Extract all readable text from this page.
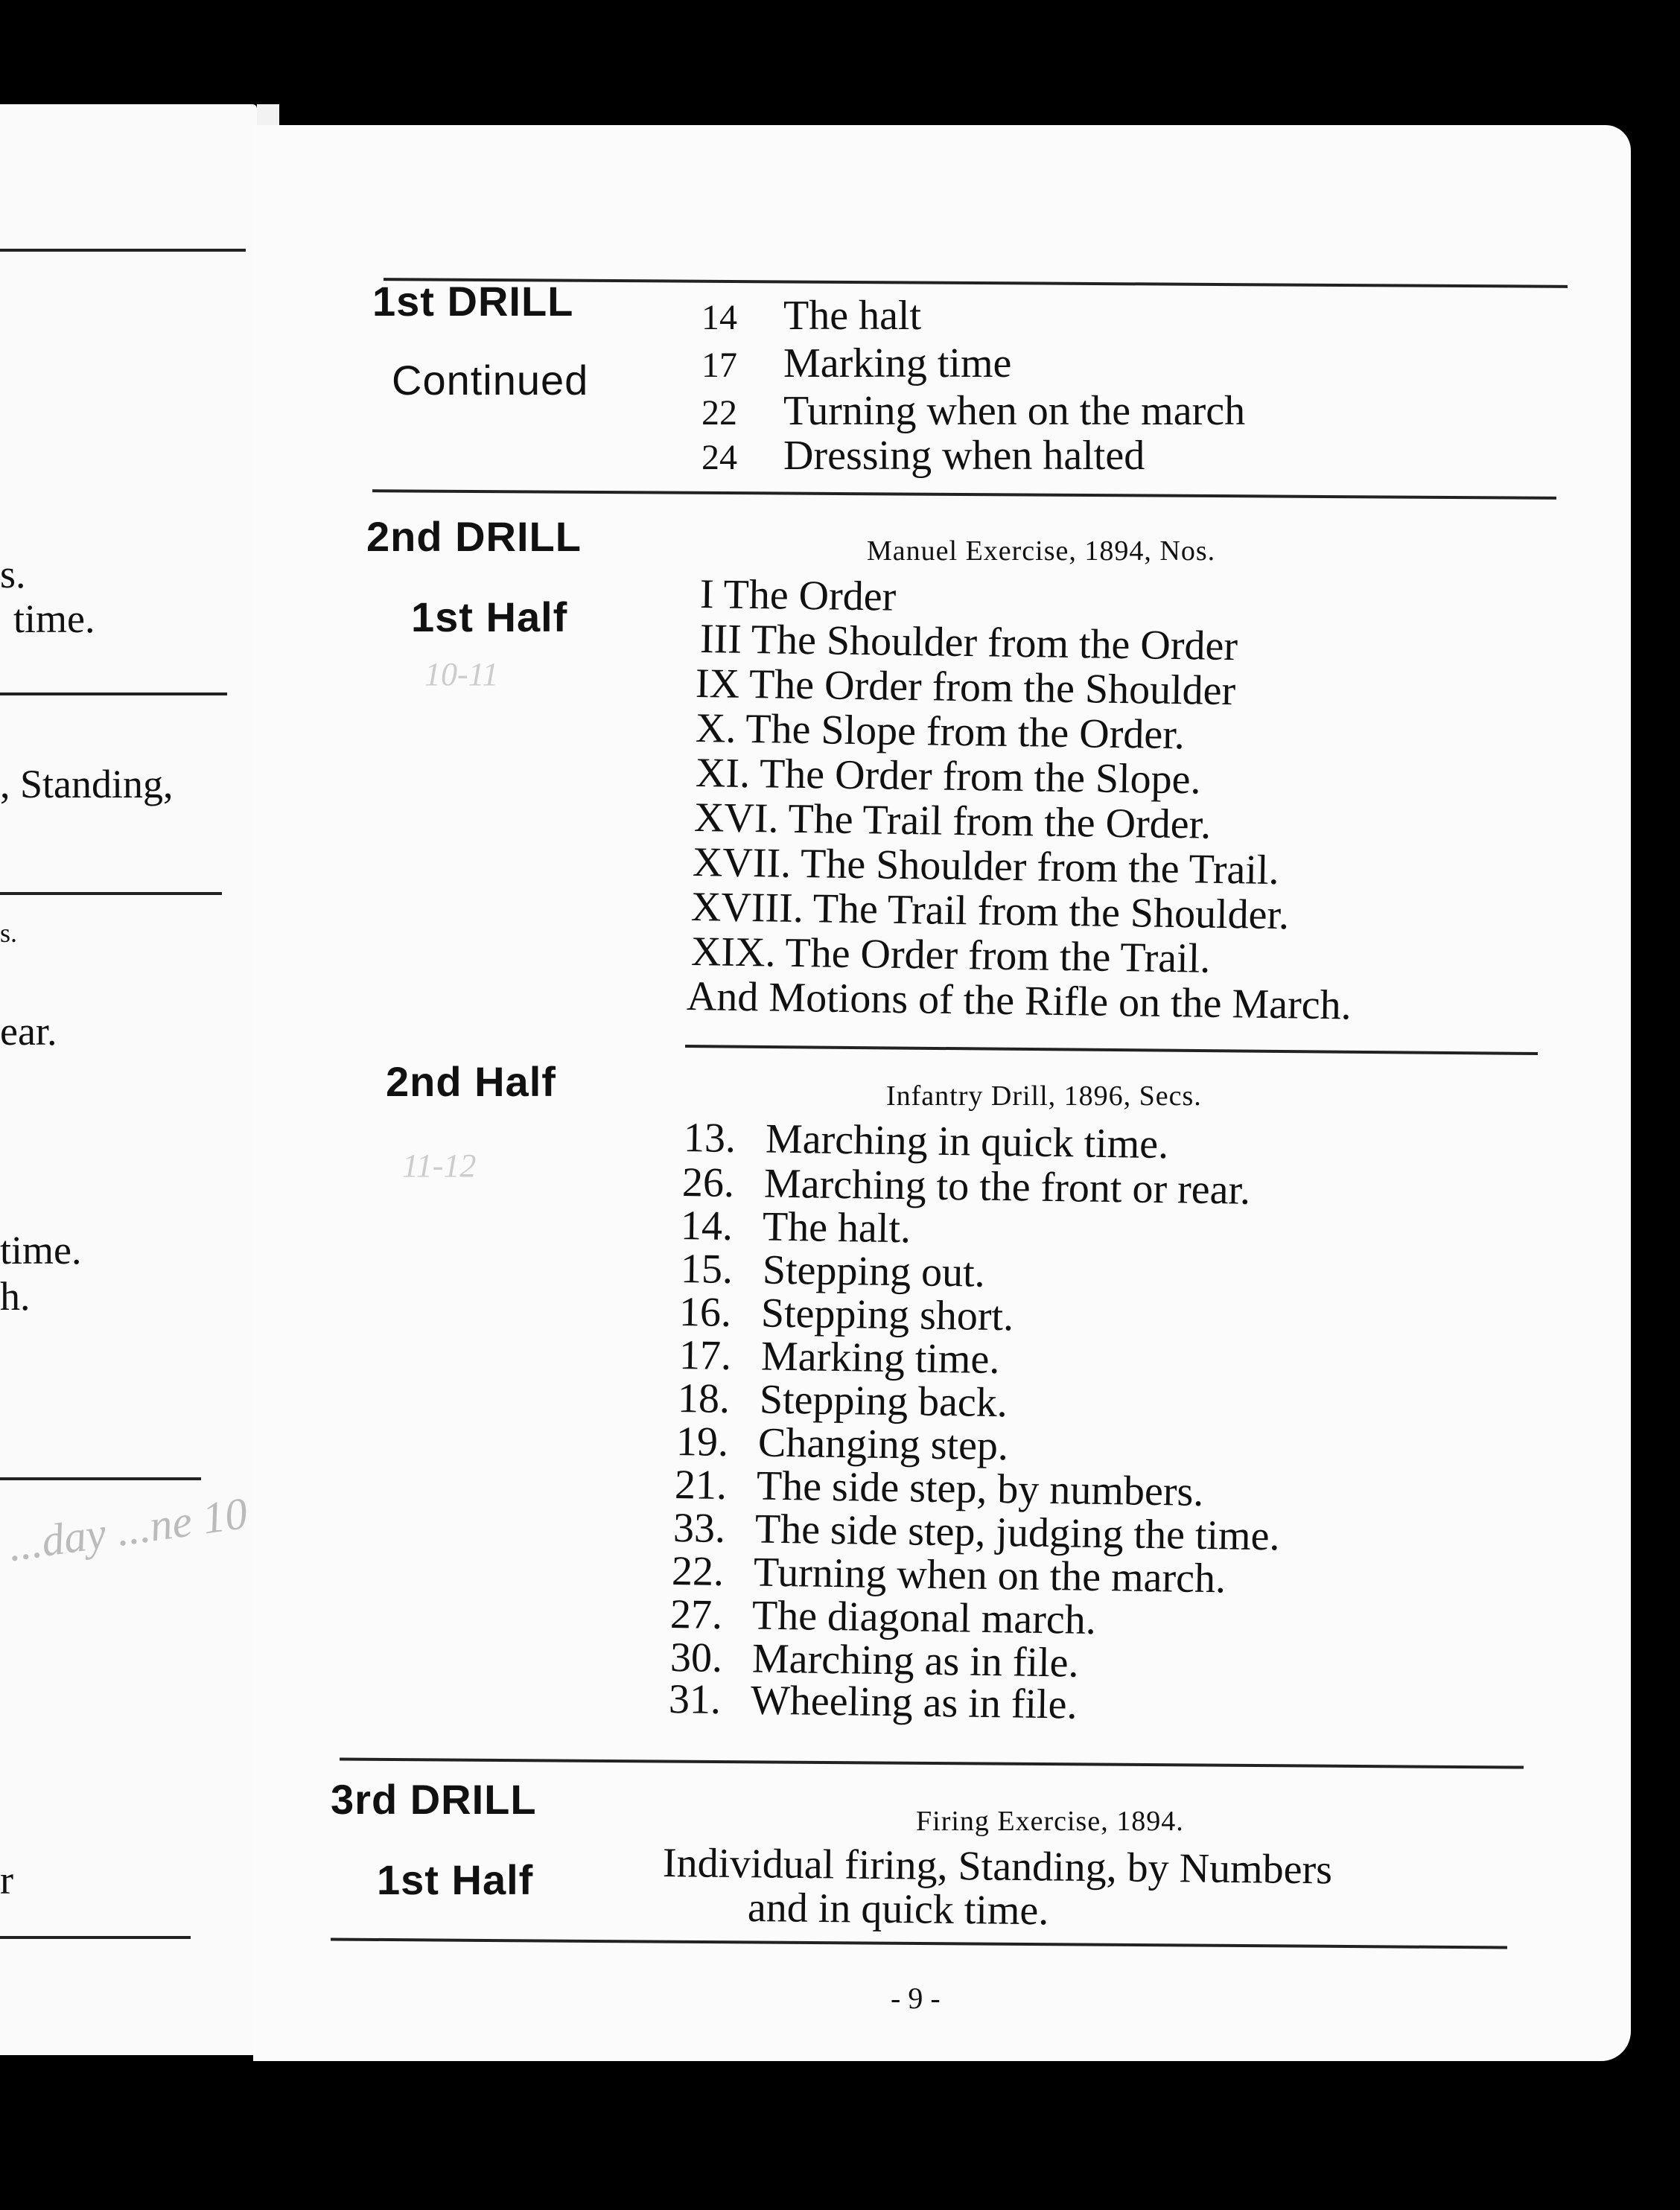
s.
time.
, Standing,
s.
ear.
time.
h.
...day ...ne 10
r
1st DRILL
Continued
14 The halt
17 Marking time
22 Turning when on the march
24 Dressing when halted
2nd DRILL
1st Half
10-11
Manuel Exercise, 1894, Nos.
I The Order
III The Shoulder from the Order
IX The Order from the Shoulder
X. The Slope from the Order.
XI. The Order from the Slope.
XVI. The Trail from the Order.
XVII. The Shoulder from the Trail.
XVIII. The Trail from the Shoulder.
XIX. The Order from the Trail.
And Motions of the Rifle on the March.
2nd Half
11-12
Infantry Drill, 1896, Secs.
13. Marching in quick time.
26. Marching to the front or rear.
14. The halt.
15. Stepping out.
16. Stepping short.
17. Marking time.
18. Stepping back.
19. Changing step.
21. The side step, by numbers.
33. The side step, judging the time.
22. Turning when on the march.
27. The diagonal march.
30. Marching as in file.
31. Wheeling as in file.
3rd DRILL
1st Half
Firing Exercise, 1894.
Individual firing, Standing, by Numbers
and in quick time.
- 9 -
